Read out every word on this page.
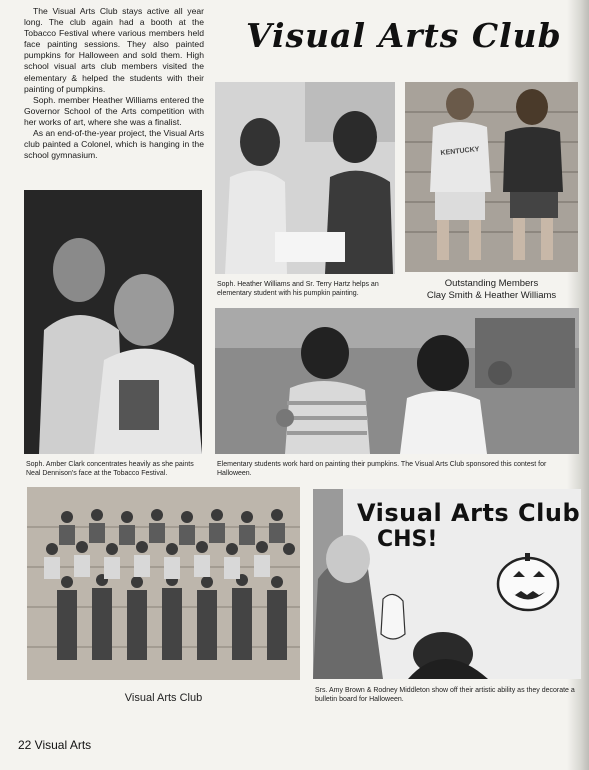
The Visual Arts Club stays active all year long. The club again had a booth at the Tobacco Festival where various members held face painting sessions. They also painted pumpkins for Halloween and sold them. High school visual arts club members visited the elementary & helped the students with their painting of pumpkins.

Soph. member Heather Williams entered the Governor School of the Arts competition with her works of art, where she was a finalist.

As an end-of-the-year project, the Visual Arts club painted a Colonel, which is hanging in the school gymnasium.

Visual Arts Club
Soph. Amber Clark concentrates heavily as she paints Neal Dennison's face at the Tobacco Festival.
Soph. Heather Williams and Sr. Terry Hartz helps an elementary student with his pumpkin painting.
KENTUCKY
Outstanding Members
Clay Smith & Heather Williams
Elementary students work hard on painting their pumpkins. The Visual Arts Club sponsored this contest for Halloween.
Visual Arts Club
Visual Arts Club
CHS!
Srs. Amy Brown & Rodney Middleton show off their artistic ability as they decorate a bulletin board for Halloween.
22 Visual Arts
